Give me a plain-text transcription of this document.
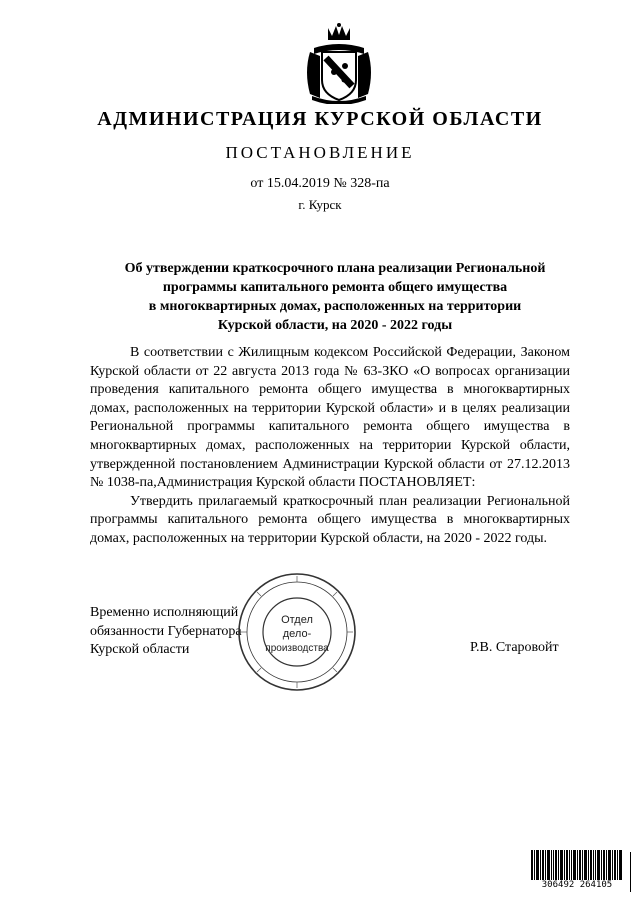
АДМИНИСТРАЦИЯ КУРСКОЙ ОБЛАСТИ
ПОСТАНОВЛЕНИЕ
от 15.04.2019 № 328-па
г. Курск
Об утверждении краткосрочного плана реализации Региональной
программы капитального ремонта общего имущества
в многоквартирных домах, расположенных на территории
Курской области, на 2020 - 2022 годы

В соответствии с Жилищным кодексом Российской Федерации, Законом Курской области от 22 августа 2013 года № 63-ЗКО «О вопросах организации проведения капитального ремонта общего имущества в многоквартирных домах, расположенных на территории Курской области» и в целях реализации Региональной программы капитального ремонта общего имущества в многоквартирных домах, расположенных на территории Курской области, утвержденной постановлением Администрации Курской области от 27.12.2013 № 1038-па,Администрация Курской области ПОСТАНОВЛЯЕТ:

Утвердить прилагаемый краткосрочный план реализации Региональной программы капитального ремонта общего имущества в многоквартирных домах, расположенных на территории Курской области, на 2020 - 2022 годы.

Временно исполняющий
обязанности Губернатора
Курской области
Отдел
дело-
производства	Р.В. Старовойт
306492 264105
